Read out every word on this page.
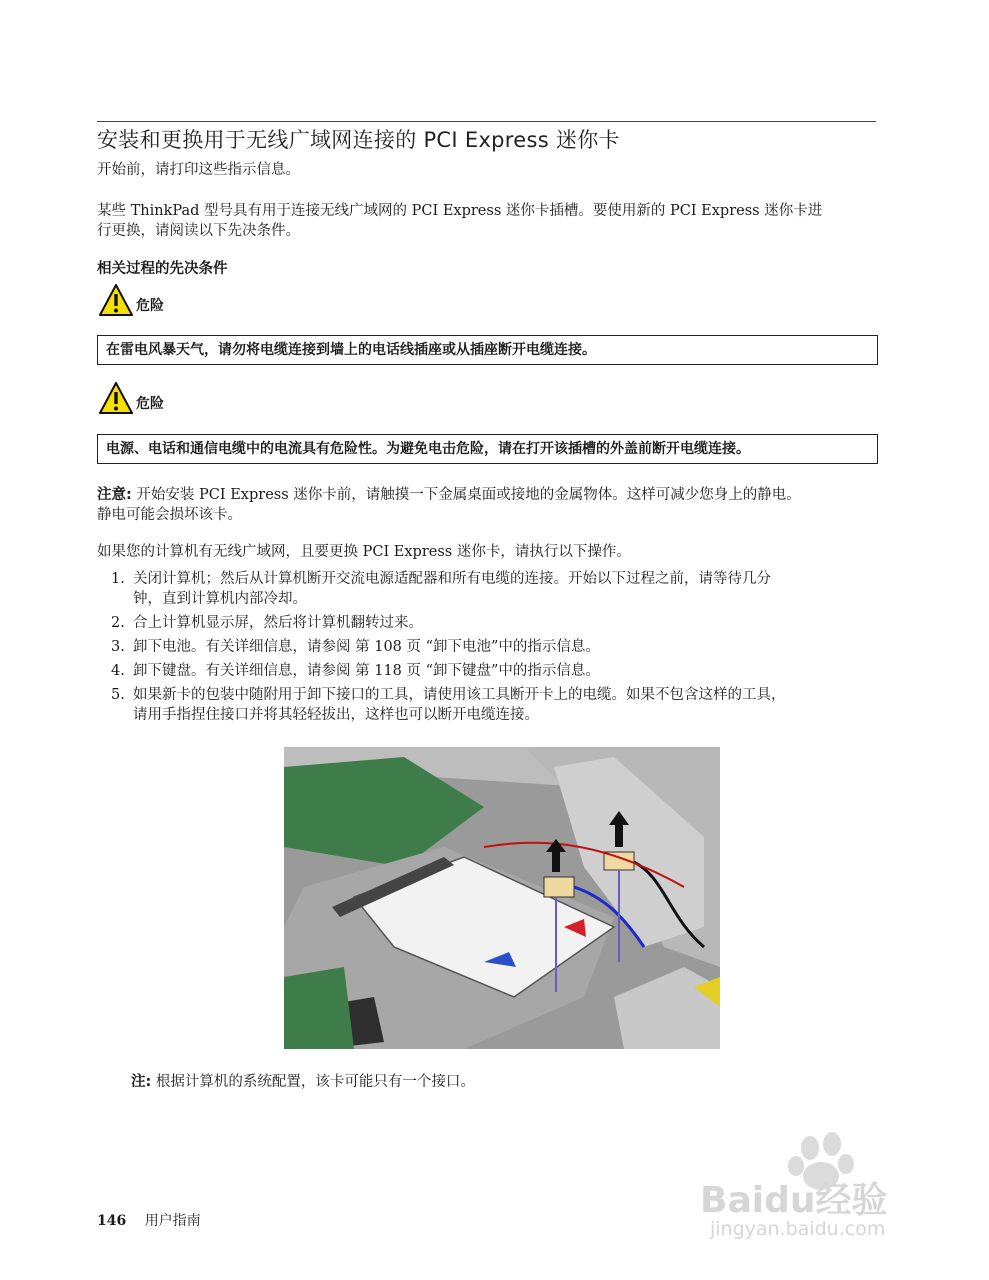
安装和更换用于无线广域网连接的 PCI Express 迷你卡

开始前，请打印这些指示信息。

某些 ThinkPad 型号具有用于连接无线广域网的 PCI Express 迷你卡插槽。要使用新的 PCI Express 迷你卡进
行更换，请阅读以下先决条件。

相关过程的先决条件
危险
在雷电风暴天气，请勿将电缆连接到墙上的电话线插座或从插座断开电缆连接。
危险
电源、电话和通信电缆中的电流具有危险性。为避免电击危险，请在打开该插槽的外盖前断开电缆连接。

注意: 开始安装 PCI Express 迷你卡前，请触摸一下金属桌面或接地的金属物体。这样可减少您身上的静电。
静电可能会损坏该卡。

如果您的计算机有无线广域网，且要更换 PCI Express 迷你卡，请执行以下操作。

1. 关闭计算机；然后从计算机断开交流电源适配器和所有电缆的连接。开始以下过程之前，请等待几分
钟，直到计算机内部冷却。
2. 合上计算机显示屏，然后将计算机翻转过来。
3. 卸下电池。有关详细信息，请参阅 第 108 页 “卸下电池”中的指示信息。
4. 卸下键盘。有关详细信息，请参阅 第 118 页 “卸下键盘”中的指示信息。
5. 如果新卡的包装中随附用于卸下接口的工具，请使用该工具断开卡上的电缆。如果不包含这样的工具，
请用手指捏住接口并将其轻轻拔出，这样也可以断开电缆连接。

注: 根据计算机的系统配置，该卡可能只有一个接口。

Baidu经验
jingyan.baidu.com
146 用户指南
